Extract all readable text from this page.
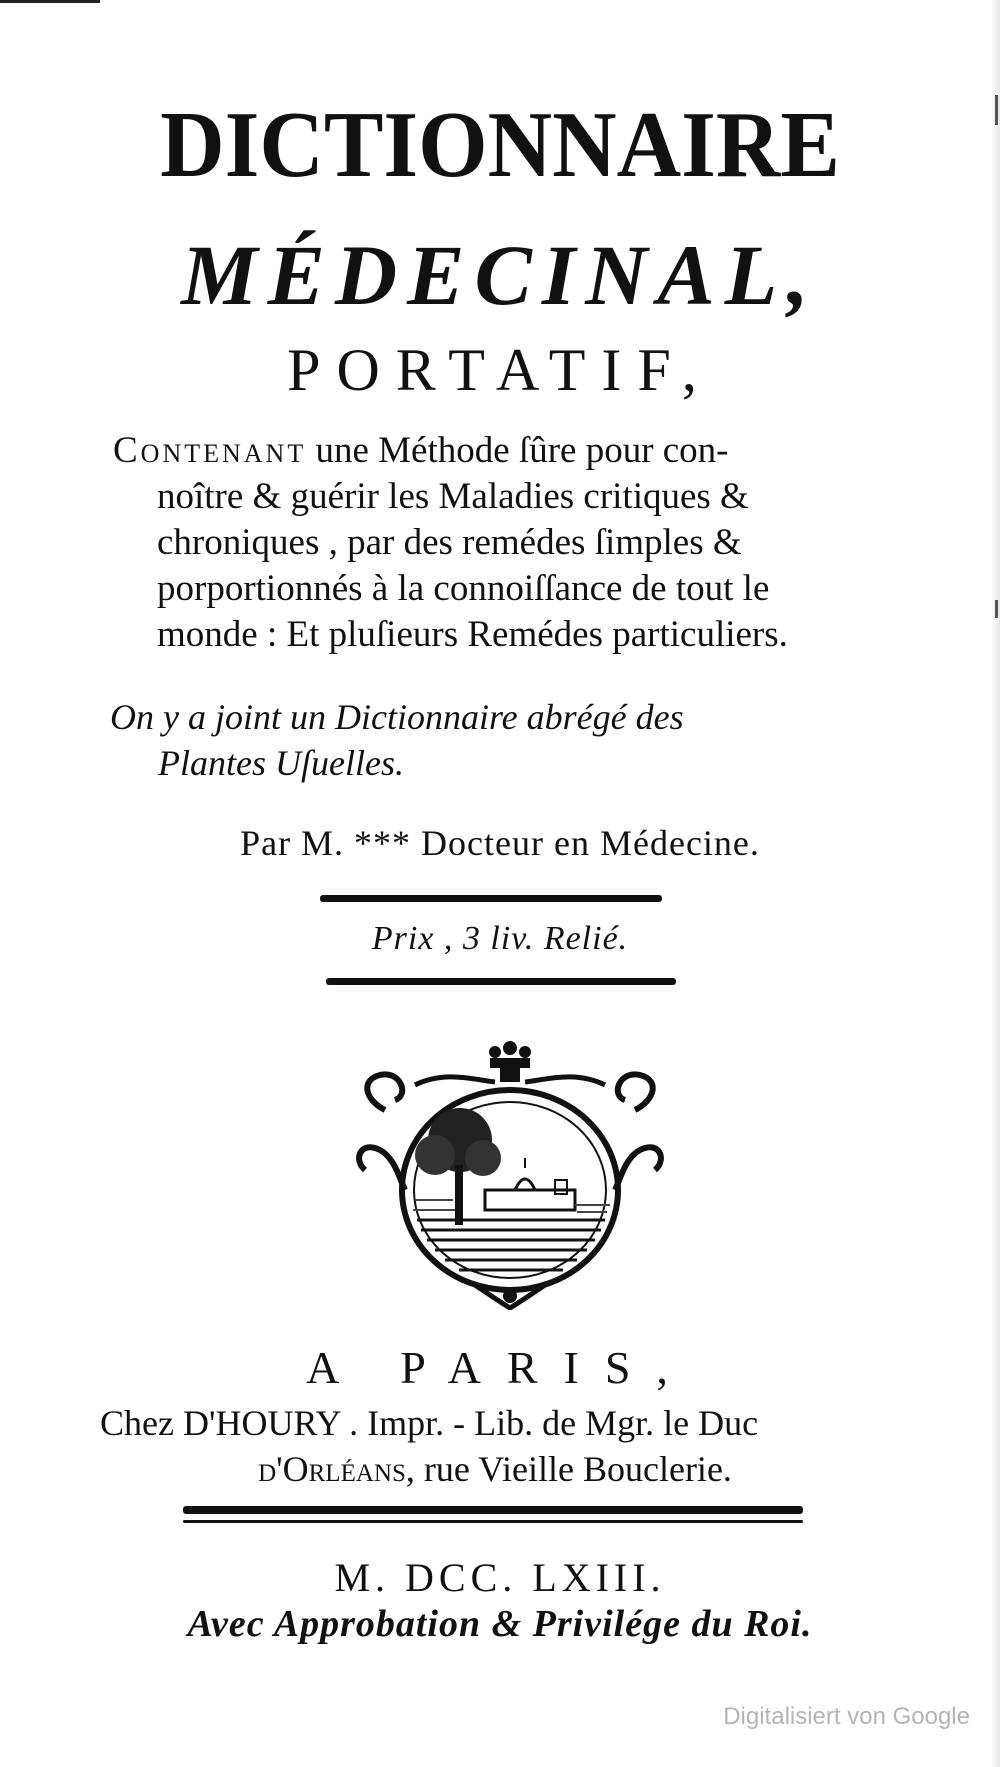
DICTIONNAIRE
MÉDECINAL,
PORTATIF,

Contenant une Méthode ſûre pour con-

noître & guérir les Maladies critiques &

chroniques , par des remédes ſimples &

porportionnés à la connoiſſance de tout le

monde : Et pluſieurs Remédes particuliers.

On y a joint un Dictionnaire abrégé des
Plantes Uſuelles.
Par M. *** Docteur en Médecine.
Prix , 3 liv. Relié.
A PARIS,
Chez D'HOURY . Impr. - Lib. de Mgr. le Duc
d'Orléans, rue Vieille Bouclerie.
M. DCC. LXIII.
Avec Approbation & Privilége du Roi.
Digitalisiert von Google
